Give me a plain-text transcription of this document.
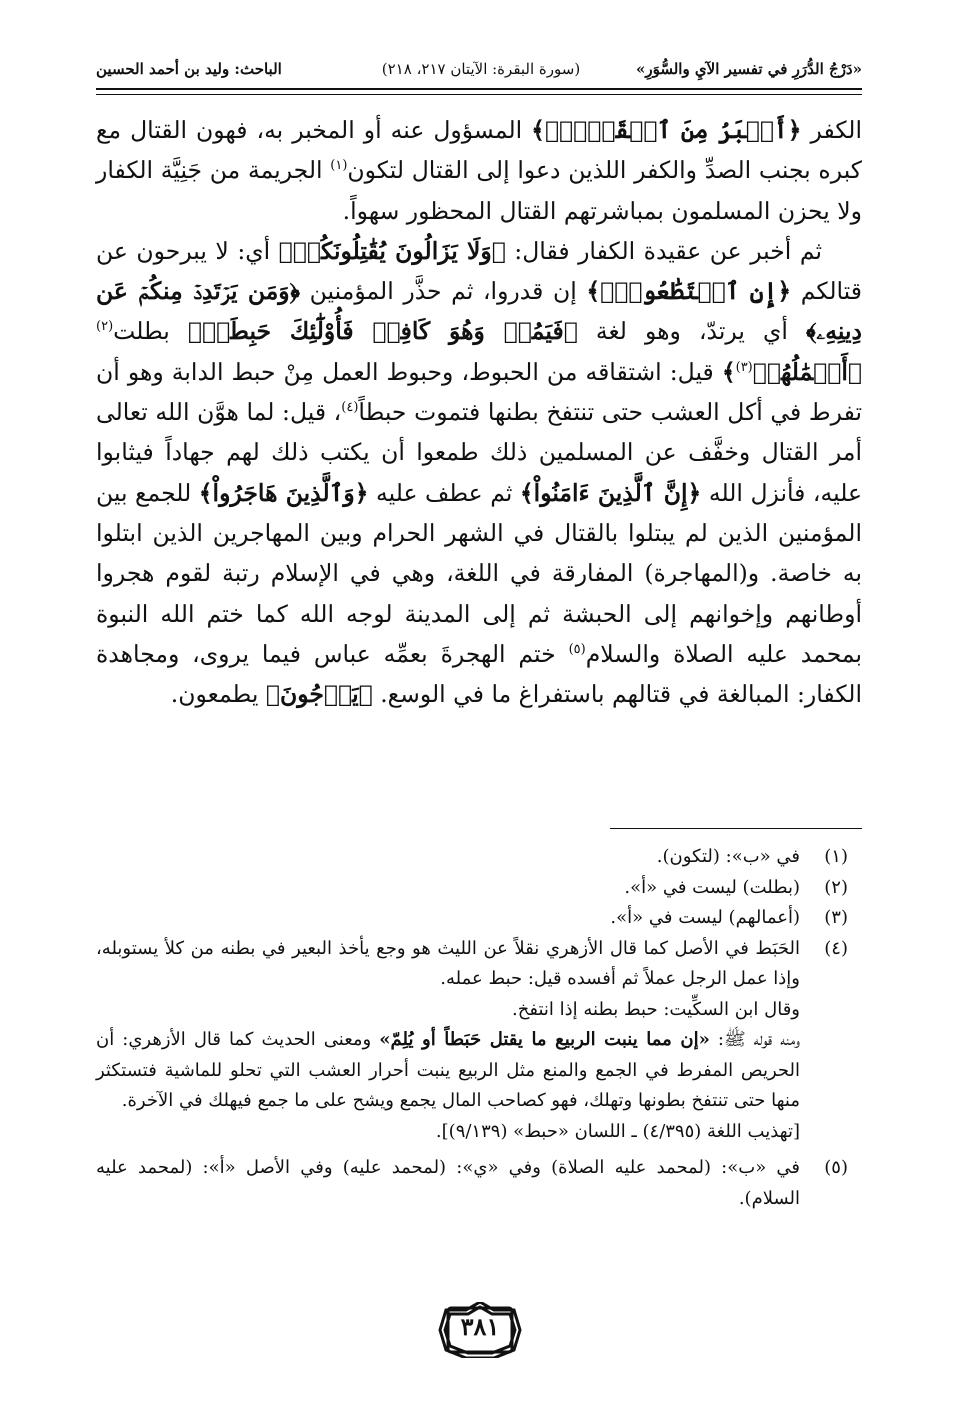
«دَرْجُ الدُّرَرِ في تفسير الآيِ والسُّوَرِ»
(سورة البقرة: الآيتان ٢١٧، ٢١٨)
الباحث: وليد بن أحمد الحسين

الكفر ﴿أَكۡبَرُ مِنَ ٱلۡقَتۡلِۗ﴾ المسؤول عنه أو المخبر به، فهون القتال مع كبره بجنب الصدِّ والكفر اللذين دعوا إلى القتال لتكون$^{(١)}$ الجريمة من جَنِيَّة الكفار ولا يحزن المسلمون بمباشرتهم القتال المحظور سهواً.

ثم أخبر عن عقيدة الكفار فقال: ﴿وَلَا يَزَالُونَ يُقَٰتِلُونَكُمۡ﴾ أي: لا يبرحون عن قتالكم ﴿إِنِ ٱسۡتَطَٰعُواْۚ﴾ إن قدروا، ثم حذَّر المؤمنين ﴿وَمَن يَرۡتَدِدۡ مِنكُمۡ عَن دِينِهِۦ﴾ أي يرتدّ، وهو لغة ﴿فَيَمُتۡ وَهُوَ كَافِرٞ فَأُوْلَٰٓئِكَ حَبِطَتۡ﴾ بطلت$^{(٢)}$ ﴿أَعۡمَٰلُهُمۡ$^{(٣)}$﴾ قيل: اشتقاقه من الحبوط، وحبوط العمل مِنْ حبط الدابة وهو أن تفرط في أكل العشب حتى تنتفخ بطنها فتموت حبطاً$^{(٤)}$، قيل: لما هوَّن الله تعالى أمر القتال وخفَّف عن المسلمين ذلك طمعوا أن يكتب ذلك لهم جهاداً فيثابوا عليه، فأنزل الله ﴿إِنَّ ٱلَّذِينَ ءَامَنُواْ﴾ ثم عطف عليه ﴿وَٱلَّذِينَ هَاجَرُواْ﴾ للجمع بين المؤمنين الذين لم يبتلوا بالقتال في الشهر الحرام وبين المهاجرين الذين ابتلوا به خاصة. و(المهاجرة) المفارقة في اللغة، وهي في الإسلام رتبة لقوم هجروا أوطانهم وإخوانهم إلى الحبشة ثم إلى المدينة لوجه الله كما ختم الله النبوة بمحمد عليه الصلاة والسلام$^{(٥)}$ ختم الهجرةَ بعمِّه عباس فيما يروى، ومجاهدة الكفار: المبالغة في قتالهم باستفراغ ما في الوسع. ﴿يَرۡجُونَ﴾ يطمعون.

(١)
في «ب»: (لتكون).
(٢)
(بطلت) ليست في «أ».
(٣)
(أعمالهم) ليست في «أ».
(٤)
الحَبَط في الأصل كما قال الأزهري نقلاً عن الليث هو وجع يأخذ البعير في بطنه من كلأ يستوبله، وإذا عمل الرجل عملاً ثم أفسده قيل: حبط عمله.
وقال ابن السكِّيت: حبط بطنه إذا انتفخ.
ومنه قوله ﷺ: «إن مما ينبت الربيع ما يقتل حَبَطاً أو يُلِمّ» ومعنى الحديث كما قال الأزهري: أن الحريص المفرط في الجمع والمنع مثل الربيع ينبت أحرار العشب التي تحلو للماشية فتستكثر منها حتى تنتفخ بطونها وتهلك، فهو كصاحب المال يجمع ويشح على ما جمع فيهلك في الآخرة.
[تهذيب اللغة (٤/٣٩٥) ـ اللسان «حبط» (٩/١٣٩)].
(٥)
في «ب»: (لمحمد عليه الصلاة) وفي «ي»: (لمحمد عليه) وفي الأصل «أ»: (لمحمد عليه السلام).
٣٨١
